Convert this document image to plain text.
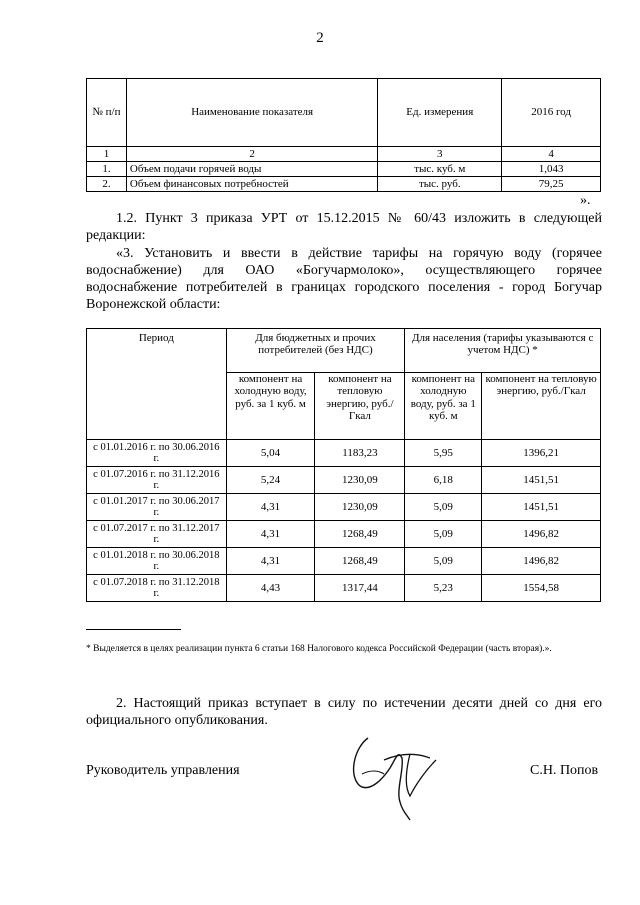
2
№ п/п	Наименование показателя	Ед. измерения	2016 год
1	2	3	4
1.	Объем подачи горячей воды	тыс. куб. м	1,043
2.	Объем финансовых потребностей	тыс. руб.	79,25
».
1.2. Пункт 3 приказа УРТ от 15.12.2015 № 60/43 изложить в следующей редакции:
«3. Установить и ввести в действие тарифы на горячую воду (горячее водоснабжение) для ОАО «Богучармолоко», осуществляющего горячее водоснабжение потребителей в границах городского поселения - город Богучар Воронежской области:
Период	Для бюджетных и прочих потребителей (без НДС)		Для населения (тарифы указываются с учетом НДС) *	
	компонент на холодную воду, руб. за 1 куб. м	компонент на тепловую энергию, руб./Гкал	компонент на холодную воду, руб. за 1 куб. м	компонент на тепловую энергию, руб./Гкал
с 01.01.2016 г. по 30.06.2016 г.	5,04	1183,23	5,95	1396,21
с 01.07.2016 г. по 31.12.2016 г.	5,24	1230,09	6,18	1451,51
с 01.01.2017 г. по 30.06.2017 г.	4,31	1230,09	5,09	1451,51
с 01.07.2017 г. по 31.12.2017 г.	4,31	1268,49	5,09	1496,82
с 01.01.2018 г. по 30.06.2018 г.	4,31	1268,49	5,09	1496,82
с 01.07.2018 г. по 31.12.2018 г.	4,43	1317,44	5,23	1554,58
* Выделяется в целях реализации пункта 6 статьи 168 Налогового кодекса Российской Федерации (часть вторая).».
2. Настоящий приказ вступает в силу по истечении десяти дней со дня его официального опубликования.
Руководитель управления	С.Н. Попов
